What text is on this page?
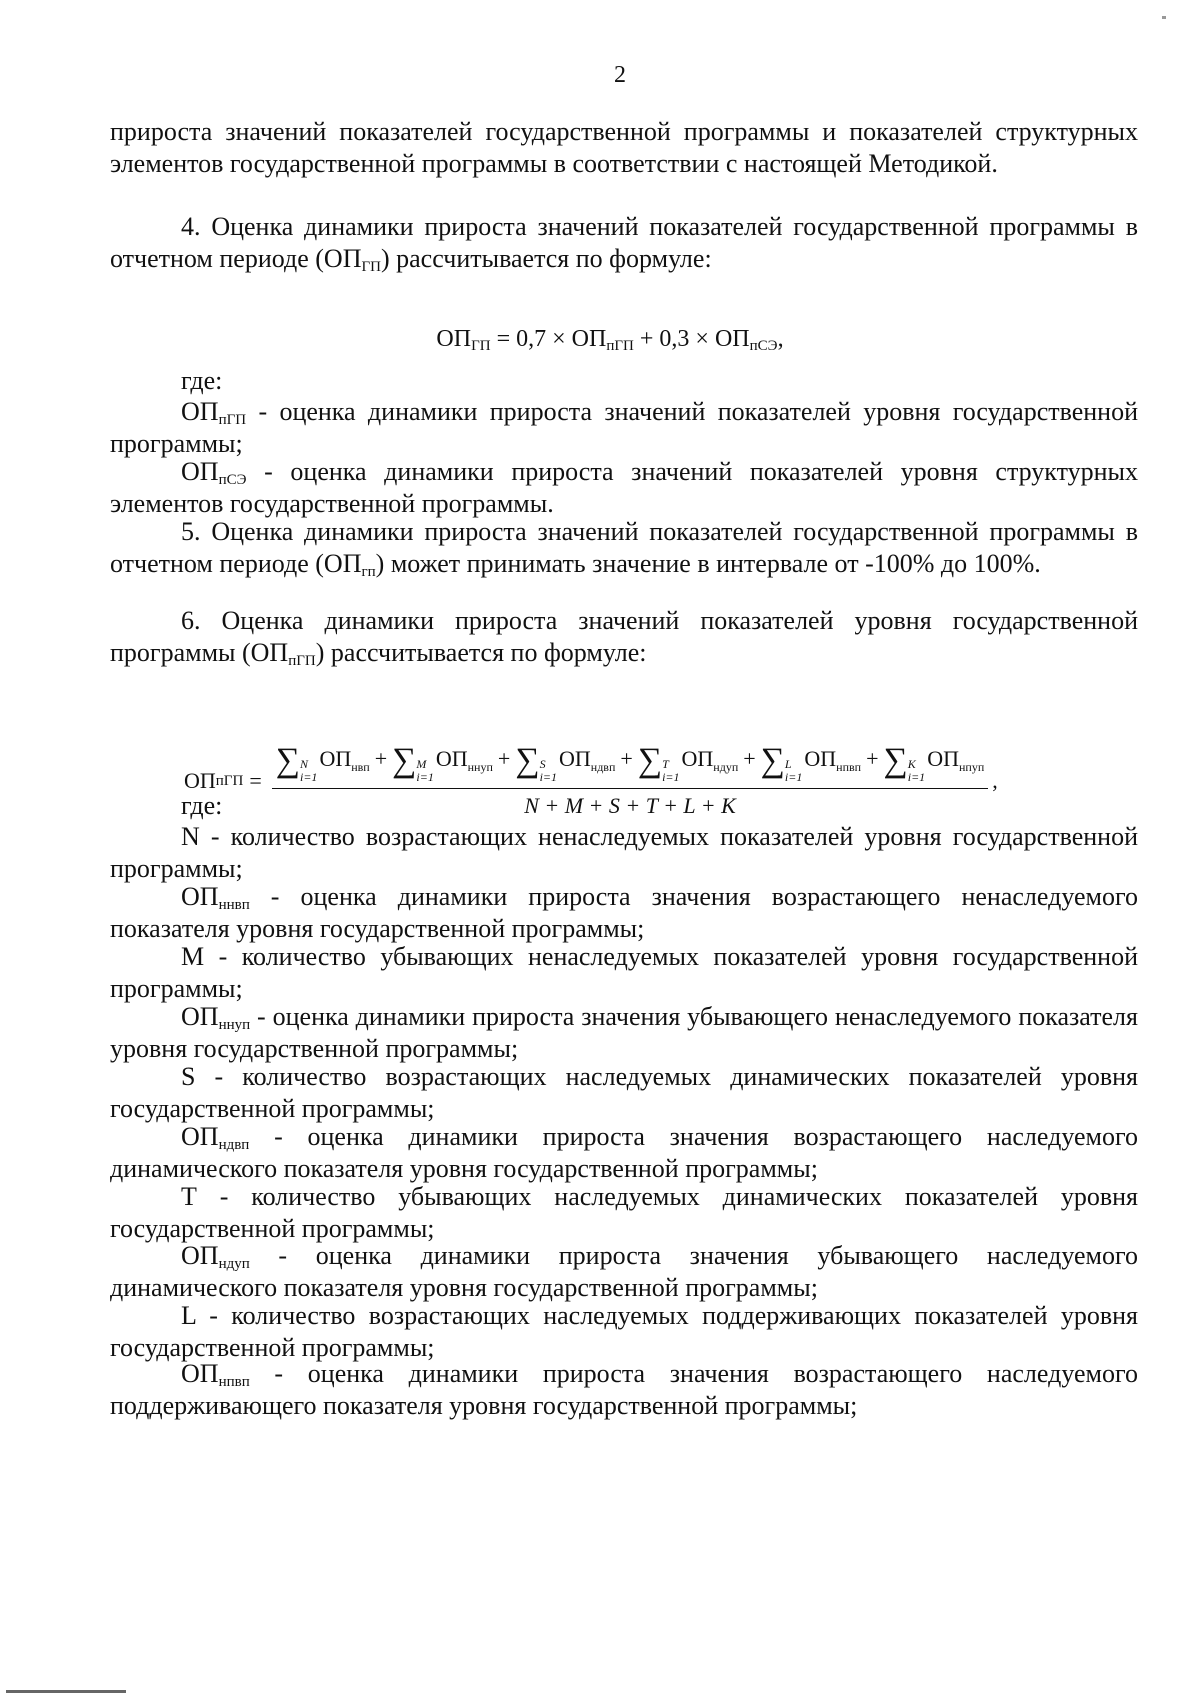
2

прироста значений показателей государственной программы и показателей структурных элементов государственной программы в соответствии с настоящей Методикой.

4. Оценка динамики прироста значений показателей государственной программы в отчетном периоде $(ОП_{ГП})$ рассчитывается по формуле:

$ОП_{ГП} = 0,7 \times ОП_{пГП} + 0,3 \times ОП_{пСЭ}$,

где:

$ОП_{пГП}$ - оценка динамики прироста значений показателей уровня государственной программы;

$ОП_{пСЭ}$ - оценка динамики прироста значений показателей уровня структурных элементов государственной программы.

5. Оценка динамики прироста значений показателей государственной программы в отчетном периоде $(ОП_{гп})$ может принимать значение в интервале от -100% до 100%.

6. Оценка динамики прироста значений показателей уровня государственной программы $(ОП_{пГП})$ рассчитывается по формуле:

ОП пГП =
∑ N
i=1
$ОП_{нвп}$ + ∑ M
i=1
$ОП_{ннуп}$ + ∑ S
i=1
$ОП_{ндвп}$ + ∑ T
i=1
$ОП_{ндуп}$ + ∑ L
i=1
$ОП_{нпвп}$ + ∑ K
i=1
$ОП_{нпуп}$
N + M + S + T + L + K
,

где:

N - количество возрастающих ненаследуемых показателей уровня государственной программы;

$ОП_{ннвп}$ - оценка динамики прироста значения возрастающего ненаследуемого показателя уровня государственной программы;

М - количество убывающих ненаследуемых показателей уровня государственной программы;

$ОП_{ннуп}$ - оценка динамики прироста значения убывающего ненаследуемого показателя уровня государственной программы;

S - количество возрастающих наследуемых динамических показателей уровня государственной программы;

$ОП_{ндвп}$ - оценка динамики прироста значения возрастающего наследуемого динамического показателя уровня государственной программы;

Т - количество убывающих наследуемых динамических показателей уровня государственной программы;

$ОП_{ндуп}$ - оценка динамики прироста значения убывающего наследуемого динамического показателя уровня государственной программы;

L - количество возрастающих наследуемых поддерживающих показателей уровня государственной программы;

$ОП_{нпвп}$ - оценка динамики прироста значения возрастающего наследуемого поддерживающего показателя уровня государственной программы;
